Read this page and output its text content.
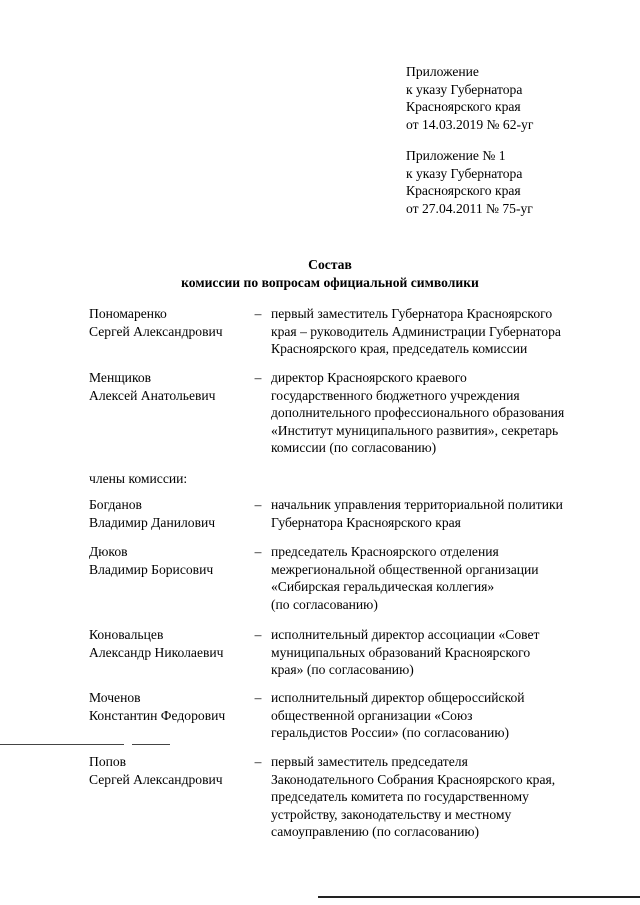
Приложение
к указу Губернатора
Красноярского края
от 14.03.2019 № 62-уг
Приложение № 1
к указу Губернатора
Красноярского края
от 27.04.2011 № 75-уг
Состав
комиссии по вопросам официальной символики
Пономаренко
Сергей Александрович
– первый заместитель Губернатора Красноярского
края – руководитель Администрации Губернатора
Красноярского края, председатель комиссии
Менщиков
Алексей Анатольевич
– директор Красноярского краевого
государственного бюджетного учреждения
дополнительного профессионального образования
«Институт муниципального развития», секретарь
комиссии (по согласованию)
члены комиссии:
Богданов
Владимир Данилович
– начальник управления территориальной политики
Губернатора Красноярского края
Дюков
Владимир Борисович
– председатель Красноярского отделения
межрегиональной общественной организации
«Сибирская геральдическая коллегия»
(по согласованию)
Коновальцев
Александр Николаевич
– исполнительный директор ассоциации «Совет
муниципальных образований Красноярского
края» (по согласованию)
Моченов
Константин Федорович
– исполнительный директор общероссийской
общественной организации «Союз
геральдистов России» (по согласованию)
Попов
Сергей Александрович
– первый заместитель председателя
Законодательного Собрания Красноярского края,
председатель комитета по государственному
устройству, законодательству и местному
самоуправлению (по согласованию)
